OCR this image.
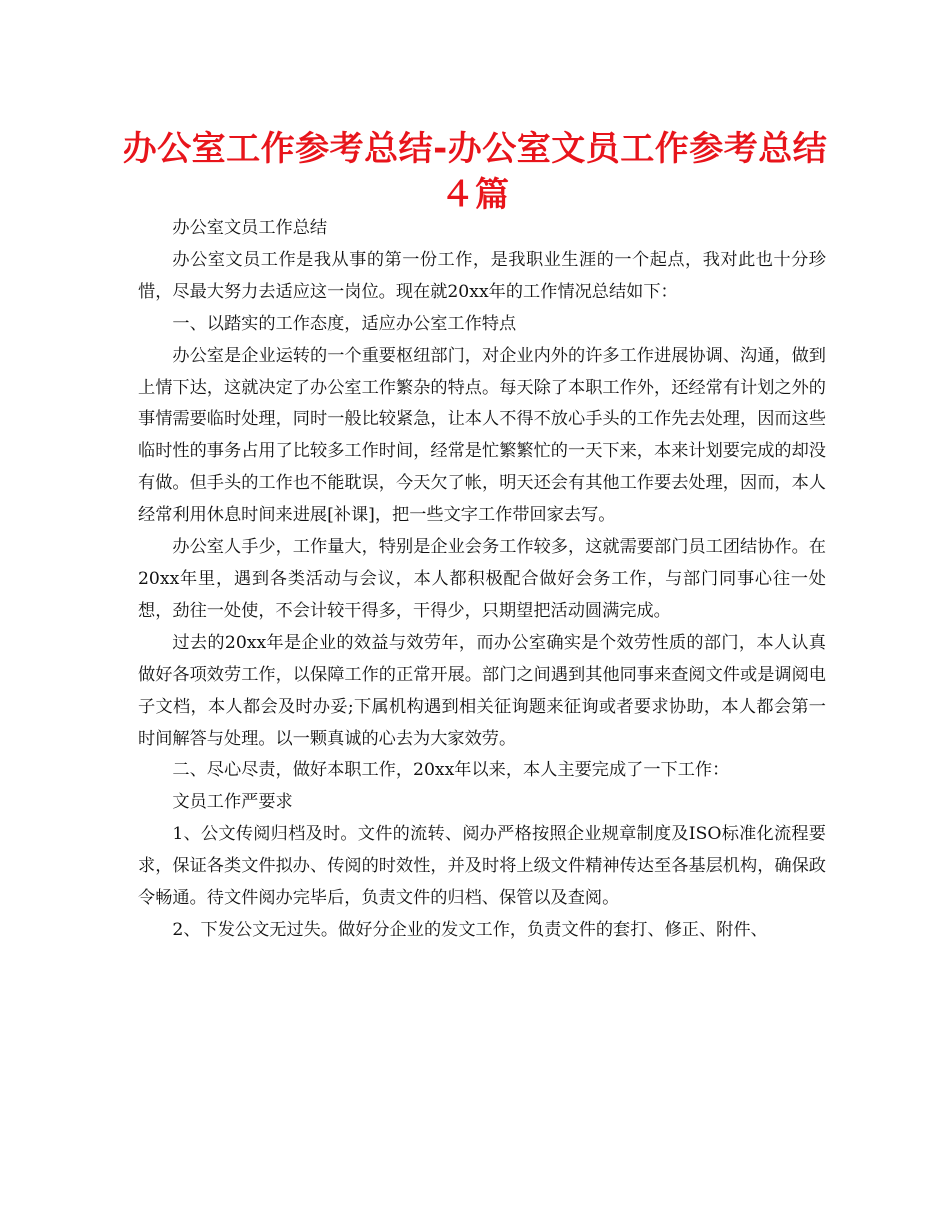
办公室工作参考总结-办公室文员工作参考总结４篇

办公室文员工作总结

办公室文员工作是我从事的第一份工作，是我职业生涯的一个起点，我对此也十分珍惜，尽最大努力去适应这一岗位。现在就20xx年的工作情况总结如下：

一、以踏实的工作态度，适应办公室工作特点

办公室是企业运转的一个重要枢纽部门，对企业内外的许多工作进展协调、沟通，做到上情下达，这就决定了办公室工作繁杂的特点。每天除了本职工作外，还经常有计划之外的事情需要临时处理，同时一般比较紧急，让本人不得不放心手头的工作先去处理，因而这些临时性的事务占用了比较多工作时间，经常是忙繁繁忙的一天下来，本来计划要完成的却没有做。但手头的工作也不能耽误，今天欠了帐，明天还会有其他工作要去处理，因而，本人经常利用休息时间来进展[补课]，把一些文字工作带回家去写。

办公室人手少，工作量大，特别是企业会务工作较多，这就需要部门员工团结协作。在20xx年里，遇到各类活动与会议，本人都积极配合做好会务工作，与部门同事心往一处想，劲往一处使，不会计较干得多，干得少，只期望把活动圆满完成。

过去的20xx年是企业的效益与效劳年，而办公室确实是个效劳性质的部门，本人认真做好各项效劳工作，以保障工作的正常开展。部门之间遇到其他同事来查阅文件或是调阅电子文档，本人都会及时办妥;下属机构遇到相关征询题来征询或者要求协助，本人都会第一时间解答与处理。以一颗真诚的心去为大家效劳。

二、尽心尽责，做好本职工作，20xx年以来，本人主要完成了一下工作：

文员工作严要求

1、公文传阅归档及时。文件的流转、阅办严格按照企业规章制度及ISO标准化流程要求，保证各类文件拟办、传阅的时效性，并及时将上级文件精神传达至各基层机构，确保政令畅通。待文件阅办完毕后，负责文件的归档、保管以及查阅。

2、下发公文无过失。做好分企业的发文工作，负责文件的套打、修正、附件、
